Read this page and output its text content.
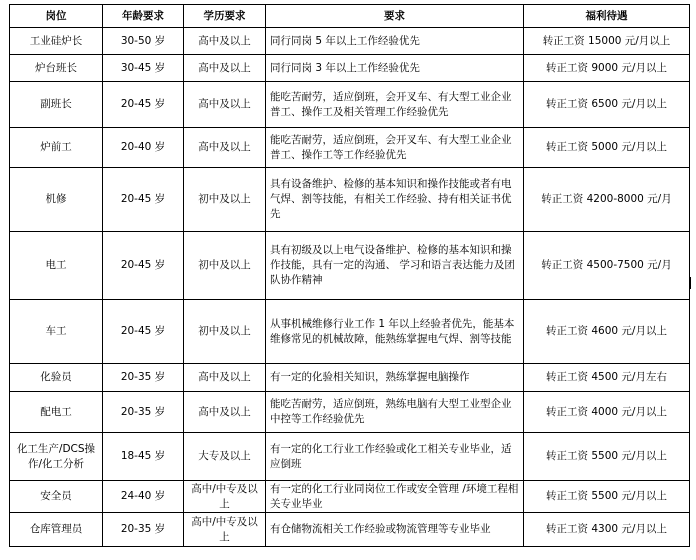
岗位	年龄要求	学历要求	要求	福利待遇
工业硅炉长	30-50 岁	高中及以上	同行同岗 5 年以上工作经验优先	转正工资 15000 元/月以上
炉台班长	30-45 岁	高中及以上	同行同岗 3 年以上工作经验优先	转正工资 9000 元/月以上
副班长	20-45 岁	高中及以上	能吃苦耐劳，适应倒班，会开叉车、有大型工业企业普工、操作工及相关管理工作经验优先	转正工资 6500 元/月以上
炉前工	20-40 岁	高中及以上	能吃苦耐劳，适应倒班，会开叉车、有大型工业企业普工、操作工等工作经验优先	转正工资 5000 元/月以上
机修	20-45 岁	初中及以上	具有设备维护、检修的基本知识和操作技能或者有电气焊、割等技能，有相关工作经验、持有相关证书优先	转正工资 4200-8000 元/月
电工	20-45 岁	初中及以上	具有初级及以上电气设备维护、检修的基本知识和操作技能，具有一定的沟通、 学习和语言表达能力及团队协作精神	转正工资 4500-7500 元/月
车工	20-45 岁	初中及以上	从事机械维修行业工作 1 年以上经验者优先，能基本维修常见的机械故障，能熟练掌握电气焊、割等技能	转正工资 4600 元/月以上
化验员	20-35 岁	高中及以上	有一定的化验相关知识，熟练掌握电脑操作	转正工资 4500 元/月左右
配电工	20-35 岁	高中及以上	能吃苦耐劳，适应倒班，熟练电脑有大型工业型企业中控等工作经验优先	转正工资 4000 元/月以上
化工生产/DCS操作/化工分析	18-45 岁	大专及以上	有一定的化工行业工作经验或化工相关专业毕业，适应倒班	转正工资 5500 元/月以上
安全员	24-40 岁	高中/中专及以上	有一定的化工行业同岗位工作或安全管理 /环境工程相关专业毕业	转正工资 5500 元/月以上
仓库管理员	20-35 岁	高中/中专及以上	有仓储物流相关工作经验或物流管理等专业毕业	转正工资 4300 元/月以上
